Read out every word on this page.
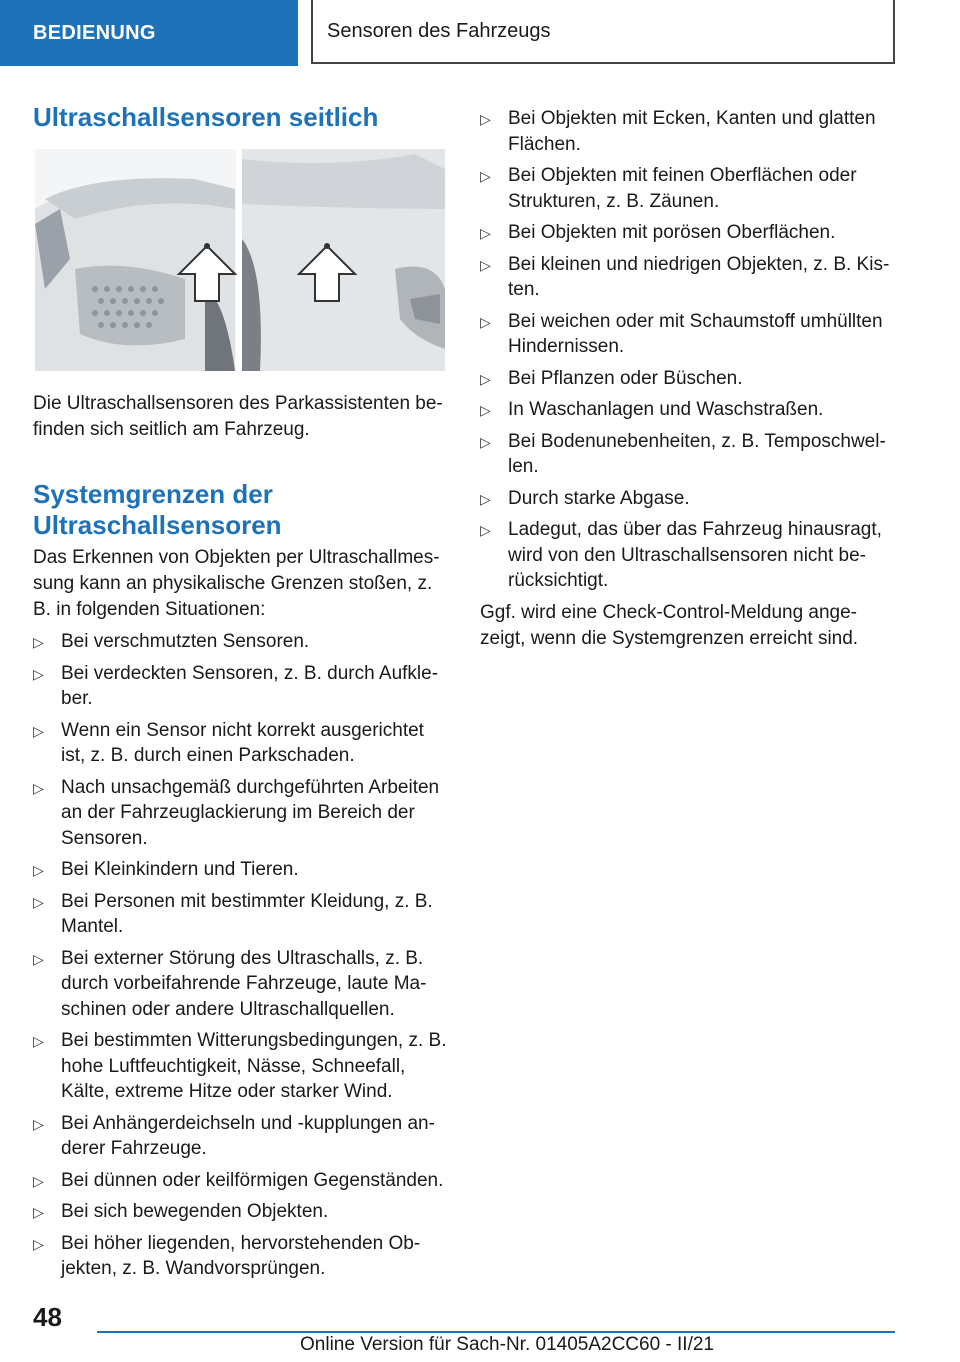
BEDIENUNG	Sensoren des Fahrzeugs
Ultraschallsensoren seitlich

Die Ultraschallsensoren des Parkassistenten be-finden sich seitlich am Fahrzeug.

Systemgrenzen der
Ultraschallsensoren

Das Erkennen von Objekten per Ultraschallmes-sung kann an physikalische Grenzen stoßen, z. B. in folgenden Situationen:

▷ Bei verschmutzten Sensoren.
▷ Bei verdeckten Sensoren, z. B. durch Aufkle-ber.
▷ Wenn ein Sensor nicht korrekt ausgerichtet ist, z. B. durch einen Parkschaden.
▷ Nach unsachgemäß durchgeführten Arbeiten an der Fahrzeuglackierung im Bereich der Sensoren.
▷ Bei Kleinkindern und Tieren.
▷ Bei Personen mit bestimmter Kleidung, z. B. Mantel.
▷ Bei externer Störung des Ultraschalls, z. B. durch vorbeifahrende Fahrzeuge, laute Ma-schinen oder andere Ultraschallquellen.
▷ Bei bestimmten Witterungsbedingungen, z. B. hohe Luftfeuchtigkeit, Nässe, Schneefall, Kälte, extreme Hitze oder starker Wind.
▷ Bei Anhängerdeichseln und -kupplungen an-derer Fahrzeuge.
▷ Bei dünnen oder keilförmigen Gegenständen.
▷ Bei sich bewegenden Objekten.
▷ Bei höher liegenden, hervorstehenden Ob-jekten, z. B. Wandvorsprüngen.
▷ Bei Objekten mit Ecken, Kanten und glatten Flächen.
▷ Bei Objekten mit feinen Oberflächen oder Strukturen, z. B. Zäunen.
▷ Bei Objekten mit porösen Oberflächen.
▷ Bei kleinen und niedrigen Objekten, z. B. Kis-ten.
▷ Bei weichen oder mit Schaumstoff umhüllten Hindernissen.
▷ Bei Pflanzen oder Büschen.
▷ In Waschanlagen und Waschstraßen.
▷ Bei Bodenunebenheiten, z. B. Temposchwel-len.
▷ Durch starke Abgase.
▷ Ladegut, das über das Fahrzeug hinausragt, wird von den Ultraschallsensoren nicht be-rücksichtigt.

Ggf. wird eine Check-Control-Meldung ange-zeigt, wenn die Systemgrenzen erreicht sind.

48
Online Version für Sach-Nr. 01405A2CC60 - II/21
